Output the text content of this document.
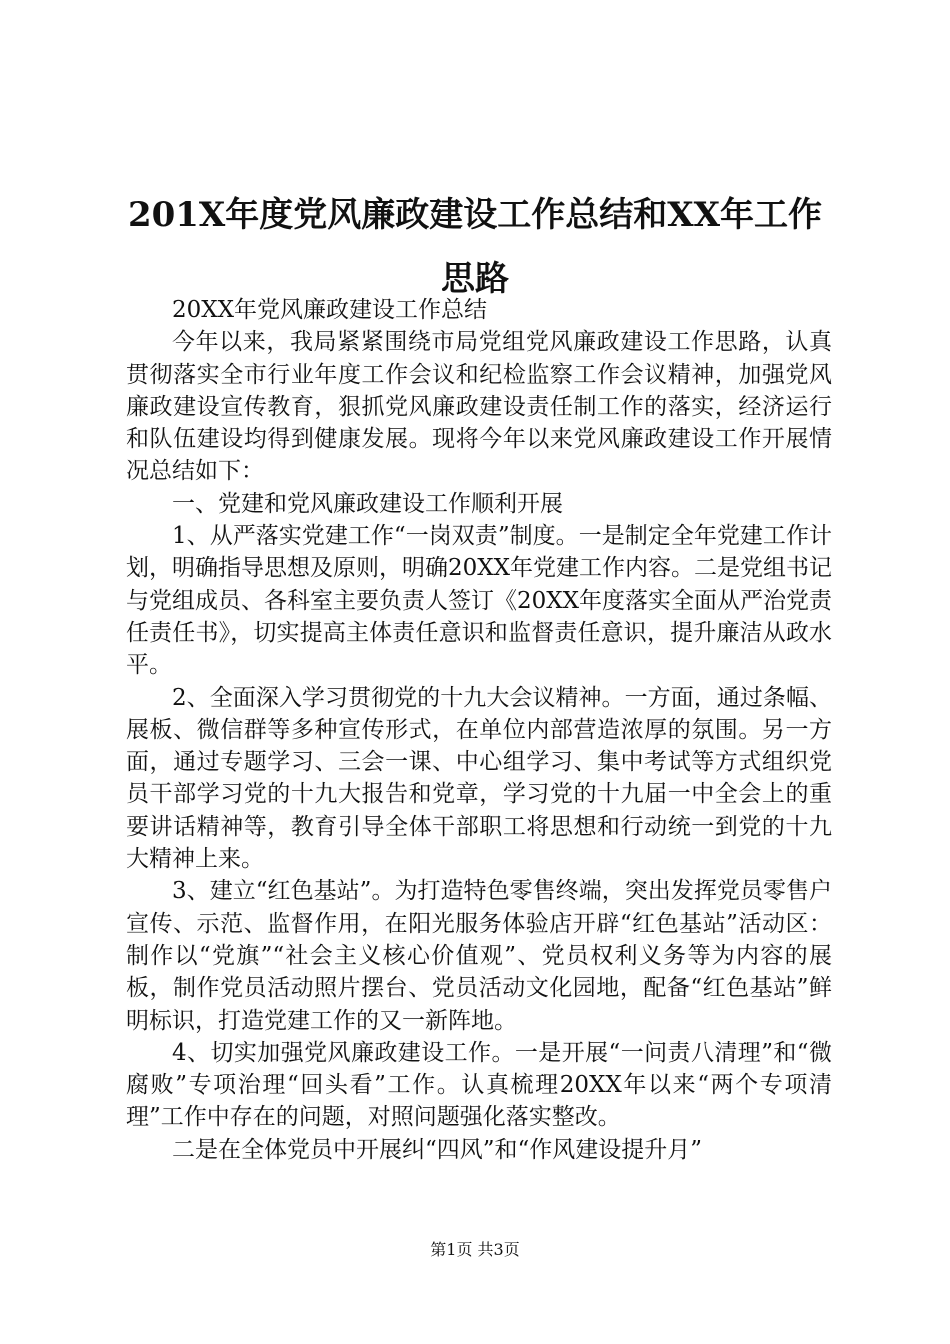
201X年度党风廉政建设工作总结和XX年工作思路

20XX年党风廉政建设工作总结

今年以来，我局紧紧围绕市局党组党风廉政建设工作思路，认真贯彻落实全市行业年度工作会议和纪检监察工作会议精神，加强党风廉政建设宣传教育，狠抓党风廉政建设责任制工作的落实，经济运行和队伍建设均得到健康发展。现将今年以来党风廉政建设工作开展情况总结如下：

一、党建和党风廉政建设工作顺利开展

1、从严落实党建工作“一岗双责”制度。一是制定全年党建工作计划，明确指导思想及原则，明确20XX年党建工作内容。二是党组书记与党组成员、各科室主要负责人签订《20XX年度落实全面从严治党责任责任书》，切实提高主体责任意识和监督责任意识，提升廉洁从政水平。

2、全面深入学习贯彻党的十九大会议精神。一方面，通过条幅、展板、微信群等多种宣传形式，在单位内部营造浓厚的氛围。另一方面，通过专题学习、三会一课、中心组学习、集中考试等方式组织党员干部学习党的十九大报告和党章，学习党的十九届一中全会上的重要讲话精神等，教育引导全体干部职工将思想和行动统一到党的十九大精神上来。

3、建立“红色基站”。为打造特色零售终端，突出发挥党员零售户宣传、示范、监督作用，在阳光服务体验店开辟“红色基站”活动区：制作以“党旗”“社会主义核心价值观”、党员权利义务等为内容的展板，制作党员活动照片摆台、党员活动文化园地，配备“红色基站”鲜明标识，打造党建工作的又一新阵地。

4、切实加强党风廉政建设工作。一是开展“一问责八清理”和“微腐败”专项治理“回头看”工作。认真梳理20XX年以来“两个专项清理”工作中存在的问题，对照问题强化落实整改。

二是在全体党员中开展纠“四风”和“作风建设提升月”

第1页 共3页
